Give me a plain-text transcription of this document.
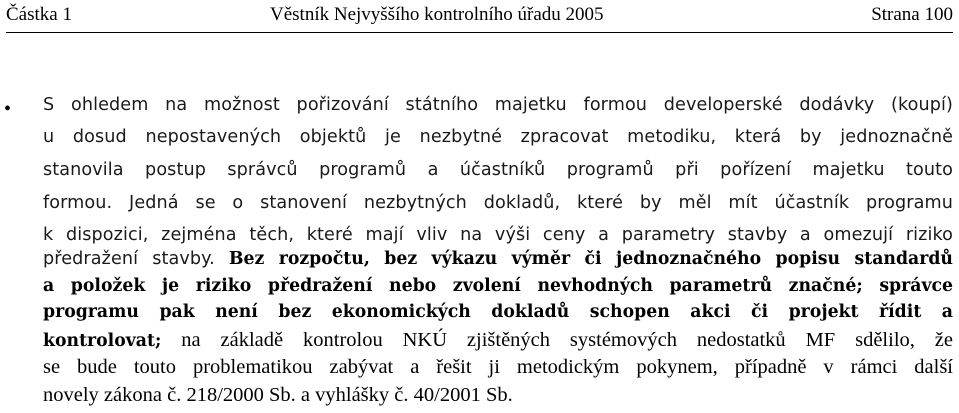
Částka 1	Věstník Nejvyššího kontrolního úřadu 2005	Strana 100
• S ohledem na možnost pořizování státního majetku formou developerské dodávky (koupí)
u dosud nepostavených objektů je nezbytné zpracovat metodiku, která by jednoznačně
stanovila postup správců programů a účastníků programů při pořízení majetku touto
formou. Jedná se o stanovení nezbytných dokladů, které by měl mít účastník programu
k dispozici, zejména těch, které mají vliv na výši ceny a parametry stavby a omezují riziko
předražení stavby. Bez rozpočtu, bez výkazu výměr či jednoznačného popisu standardů
a položek je riziko předražení nebo zvolení nevhodných parametrů značné; správce
programu pak není bez ekonomických dokladů schopen akci či projekt řídit a
kontrolovat; na základě kontrolou NKÚ zjištěných systémových nedostatků MF sdělilo, že
se bude touto problematikou zabývat a řešit ji metodickým pokynem, případně v rámci další
novely zákona č. 218/2000 Sb. a vyhlášky č. 40/2001 Sb.
